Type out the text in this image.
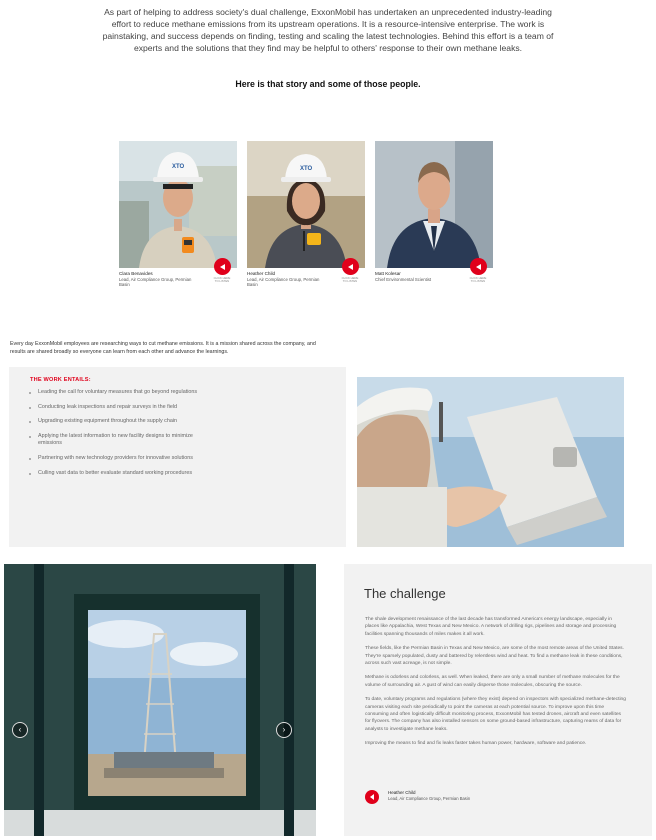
As part of helping to address society's dual challenge, ExxonMobil has undertaken an unprecedented industry-leading effort to reduce methane emissions from its upstream operations. It is a resource-intensive enterprise. The work is painstaking, and success depends on finding, testing and scaling the latest technologies. Behind this effort is a team of experts and the solutions that they find may be helpful to others' response to their own methane leaks.

Here is that story and some of those people.

XTO
Clara Benavides
Lead, Air Compliance Group, Permian Basin
CLICK HERE TO LISTEN
XTO
Heather Child
Lead, Air Compliance Group, Permian Basin
CLICK HERE TO LISTEN
Matt Kolesar
Chief Environmental Scientist	CLICK HERE TO LISTEN

Every day ExxonMobil employees are researching ways to cut methane emissions. It is a mission shared across the company, and results are shared broadly so everyone can learn from each other and advance the learnings.

THE WORK ENTAILS:
Leading the call for voluntary measures that go beyond regulations
Conducting leak inspections and repair surveys in the field
Upgrading existing equipment throughout the supply chain
Applying the latest information to new facility designs to minimize emissions
Partnering with new technology providers for innovative solutions
Culling vast data to better evaluate standard working procedures
‹	›
The challenge

The shale development renaissance of the last decade has transformed America's energy landscape, especially in places like Appalachia, West Texas and New Mexico. A network of drilling rigs, pipelines and storage and processing facilities spanning thousands of miles makes it all work.

These fields, like the Permian Basin in Texas and New Mexico, are some of the most remote areas of the United States. They're sparsely populated, dusty and battered by relentless wind and heat. To find a methane leak in these conditions, across such vast acreage, is not simple.

Methane is odorless and colorless, as well. When leaked, there are only a small number of methane molecules for the volume of surrounding air. A gust of wind can easily disperse those molecules, obscuring the source.

To date, voluntary programs and regulations (where they exist) depend on inspectors with specialized methane-detecting cameras visiting each site periodically to point the cameras at each potential source. To improve upon this time consuming and often logistically difficult monitoring process, ExxonMobil has tested drones, aircraft and even satellites for flyovers. The company has also installed sensors on some ground-based infrastructure, capturing reams of data for analysts to investigate methane leaks.

Improving the means to find and fix leaks faster takes human power, hardware, software and patience.

Heather Child
Lead, Air Compliance Group, Permian Basin
